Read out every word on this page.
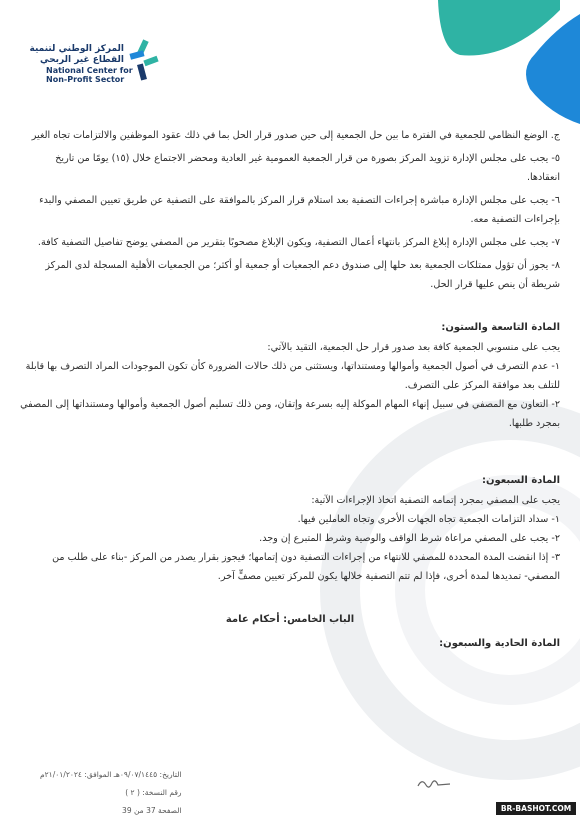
المركز الوطني لتنمية
القطاع غير الربحي
National Center for
Non-Profit Sector

ج. الوضع النظامي للجمعية في الفترة ما بين حل الجمعية إلى حين صدور قرار الحل بما في ذلك عقود الموظفين والالتزامات تجاه الغير

٥- يجب على مجلس الإدارة تزويد المركز بصورة من قرار الجمعية العمومية غير العادية ومحضر الاجتماع خلال (١٥) يومًا من تاريخ انعقادها.

٦- يجب على مجلس الإدارة مباشرة إجراءات التصفية بعد استلام قرار المركز بالموافقة على التصفية عن طريق تعيين المصفي والبدء بإجراءات التصفية معه.

٧- يجب على مجلس الإدارة إبلاغ المركز بانتهاء أعمال التصفية، ويكون الإبلاغ مصحوبًا بتقرير من المصفي يوضح تفاصيل التصفية كافة.

٨- يجوز أن تؤول ممتلكات الجمعية بعد حلها إلى صندوق دعم الجمعيات أو جمعية أو أكثر؛ من الجمعيات الأهلية المسجلة لدى المركز شريطة أن ينص عليها قرار الحل.

المادة التاسعة والستون:

يجب على منسوبي الجمعية كافة بعد صدور قرار حل الجمعية، التقيد بالآتي:

١- عدم التصرف في أصول الجمعية وأموالها ومستنداتها، ويستثنى من ذلك حالات الضرورة كأن تكون الموجودات المراد التصرف بها قابلة للتلف بعد موافقة المركز على التصرف.

٢- التعاون مع المصفي في سبيل إنهاء المهام الموكلة إليه بسرعة وإتقان، ومن ذلك تسليم أصول الجمعية وأموالها ومستنداتها إلى المصفي بمجرد طلبها.

المادة السبعون:

يجب على المصفي بمجرد إتمامه التصفية اتخاذ الإجراءات الآتية:

١- سداد التزامات الجمعية تجاه الجهات الأخرى وتجاه العاملين فيها.

٢- يجب على المصفي مراعاة شرط الواقف والوصية وشرط المتبرع إن وجد.

٣- إذا انقضت المدة المحددة للمصفي للانتهاء من إجراءات التصفية دون إتمامها؛ فيجوز بقرار يصدر من المركز -بناء على طلب من المصفي- تمديدها لمدة أخرى، فإذا لم تتم التصفية خلالها يكون للمركز تعيين مصفٍّ آخر.

الباب الخامس: أحكام عامة

المادة الحادية والسبعون:

التاريخ: ٠٩/٠٧/١٤٤٥هـ الموافق: ٢١/٠١/٢٠٢٤م
رقم النسخة: ( ٢ )
الصفحة 37 من 39	BR-BASHOT.COM
